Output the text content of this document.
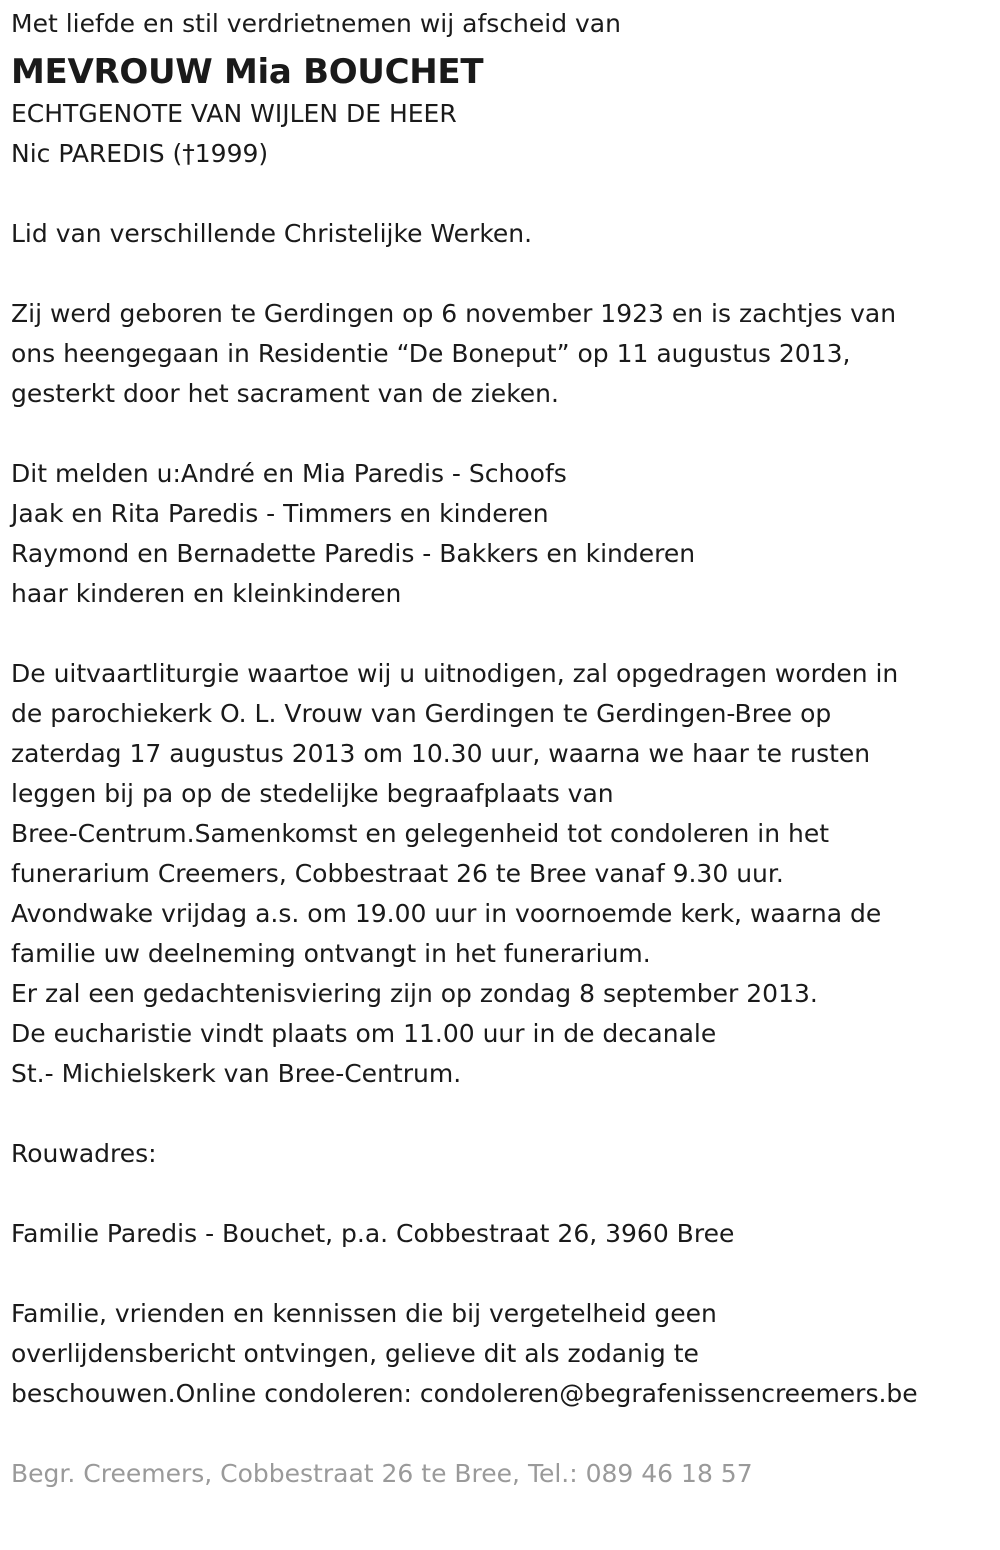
Met liefde en stil verdrietnemen wij afscheid van

MEVROUW Mia BOUCHET

ECHTGENOTE VAN WIJLEN DE HEER

Nic PAREDIS (†1999)

Lid van verschillende Christelijke Werken.

Zij werd geboren te Gerdingen op 6 november 1923 en is zachtjes van

ons heengegaan in Residentie “De Boneput” op 11 augustus 2013,

gesterkt door het sacrament van de zieken.

Dit melden u:André en Mia Paredis - Schoofs

Jaak en Rita Paredis - Timmers en kinderen

Raymond en Bernadette Paredis - Bakkers en kinderen

haar kinderen en kleinkinderen

De uitvaartliturgie waartoe wij u uitnodigen, zal opgedragen worden in

de parochiekerk O. L. Vrouw van Gerdingen te Gerdingen-Bree op

zaterdag 17 augustus 2013 om 10.30 uur, waarna we haar te rusten

leggen bij pa op de stedelijke begraafplaats van

Bree-Centrum.Samenkomst en gelegenheid tot condoleren in het

funerarium Creemers, Cobbestraat 26 te Bree vanaf 9.30 uur.

Avondwake vrijdag a.s. om 19.00 uur in voornoemde kerk, waarna de

familie uw deelneming ontvangt in het funerarium.

Er zal een gedachtenisviering zijn op zondag 8 september 2013.

De eucharistie vindt plaats om 11.00 uur in de decanale

St.- Michielskerk van Bree-Centrum.

Rouwadres:

Familie Paredis - Bouchet, p.a. Cobbestraat 26, 3960 Bree

Familie, vrienden en kennissen die bij vergetelheid geen

overlijdensbericht ontvingen, gelieve dit als zodanig te

beschouwen.Online condoleren: condoleren@begrafenissencreemers.be

Begr. Creemers, Cobbestraat 26 te Bree, Tel.: 089 46 18 57
